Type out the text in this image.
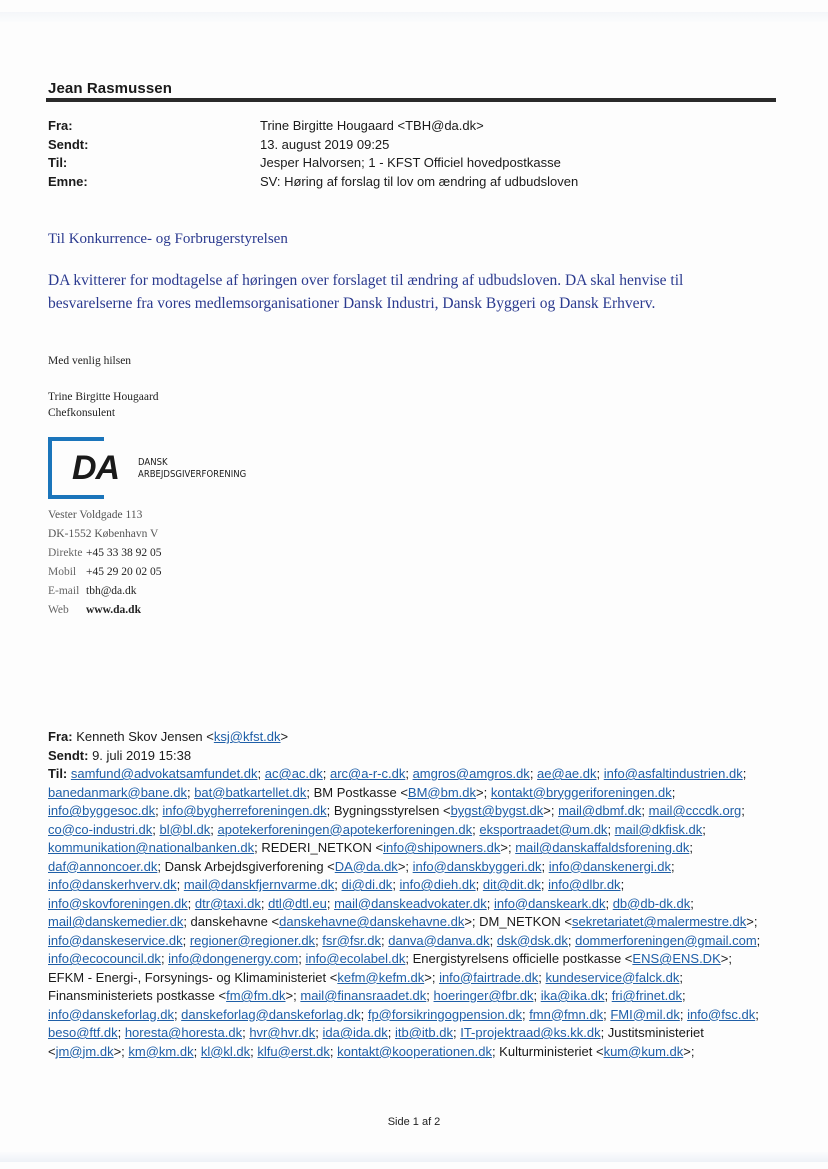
Jean Rasmussen
Fra:	Trine Birgitte Hougaard <TBH@da.dk>
Sendt:	13. august 2019 09:25
Til:	Jesper Halvorsen; 1 - KFST Officiel hovedpostkasse
Emne:	SV: Høring af forslag til lov om ændring af udbudsloven
Til Konkurrence- og Forbrugerstyrelsen
DA kvitterer for modtagelse af høringen over forslaget til ændring af udbudsloven. DA skal henvise til besvarelserne fra vores medlemsorganisationer Dansk Industri, Dansk Byggeri og Dansk Erhverv.
Med venlig hilsen
Trine Birgitte Hougaard
Chefkonsulent
DA DANSK
ARBEJDSGIVERFORENING
Vester Voldgade 113
DK-1552 København V
Direkte +45 33 38 92 05
Mobil +45 29 20 02 05
E-mail tbh@da.dk
Web	www.da.dk
Fra: Kenneth Skov Jensen <ksj@kfst.dk>
Sendt: 9. juli 2019 15:38
Til: samfund@advokatsamfundet.dk; ac@ac.dk; arc@a-r-c.dk; amgros@amgros.dk; ae@ae.dk; info@asfaltindustrien.dk; banedanmark@bane.dk; bat@batkartellet.dk; BM Postkasse <BM@bm.dk>; kontakt@bryggeriforeningen.dk; info@byggesoc.dk; info@bygherreforeningen.dk; Bygningsstyrelsen <bygst@bygst.dk>; mail@dbmf.dk; mail@cccdk.org; co@co-industri.dk; bl@bl.dk; apotekerforeningen@apotekerforeningen.dk; eksportraadet@um.dk; mail@dkfisk.dk; kommunikation@nationalbanken.dk; REDERI_NETKON <info@shipowners.dk>; mail@danskaffaldsforening.dk; daf@annoncoer.dk; Dansk Arbejdsgiverforening <DA@da.dk>; info@danskbyggeri.dk; info@danskenergi.dk; info@danskerhverv.dk; mail@danskfjernvarme.dk; di@di.dk; info@dieh.dk; dit@dit.dk; info@dlbr.dk; info@skovforeningen.dk; dtr@taxi.dk; dtl@dtl.eu; mail@danskeadvokater.dk; info@danskeark.dk; db@db-dk.dk; mail@danskemedier.dk; danskehavne <danskehavne@danskehavne.dk>; DM_NETKON <sekretariatet@malermestre.dk>; info@danskeservice.dk; regioner@regioner.dk; fsr@fsr.dk; danva@danva.dk; dsk@dsk.dk; dommerforeningen@gmail.com; info@ecocouncil.dk; info@dongenergy.com; info@ecolabel.dk; Energistyrelsens officielle postkasse <ENS@ENS.DK>; EFKM - Energi-, Forsynings- og Klimaministeriet <kefm@kefm.dk>; info@fairtrade.dk; kundeservice@falck.dk; Finansministeriets postkasse <fm@fm.dk>; mail@finansraadet.dk; hoeringer@fbr.dk; ika@ika.dk; fri@frinet.dk; info@danskeforlag.dk; danskeforlag@danskeforlag.dk; fp@forsikringogpension.dk; fmn@fmn.dk; FMI@mil.dk; info@fsc.dk; beso@ftf.dk; horesta@horesta.dk; hvr@hvr.dk; ida@ida.dk; itb@itb.dk; IT-projektraad@ks.kk.dk; Justitsministeriet <jm@jm.dk>; km@km.dk; kl@kl.dk; klfu@erst.dk; kontakt@kooperationen.dk; Kulturministeriet <kum@kum.dk>;
Side 1 af 2
